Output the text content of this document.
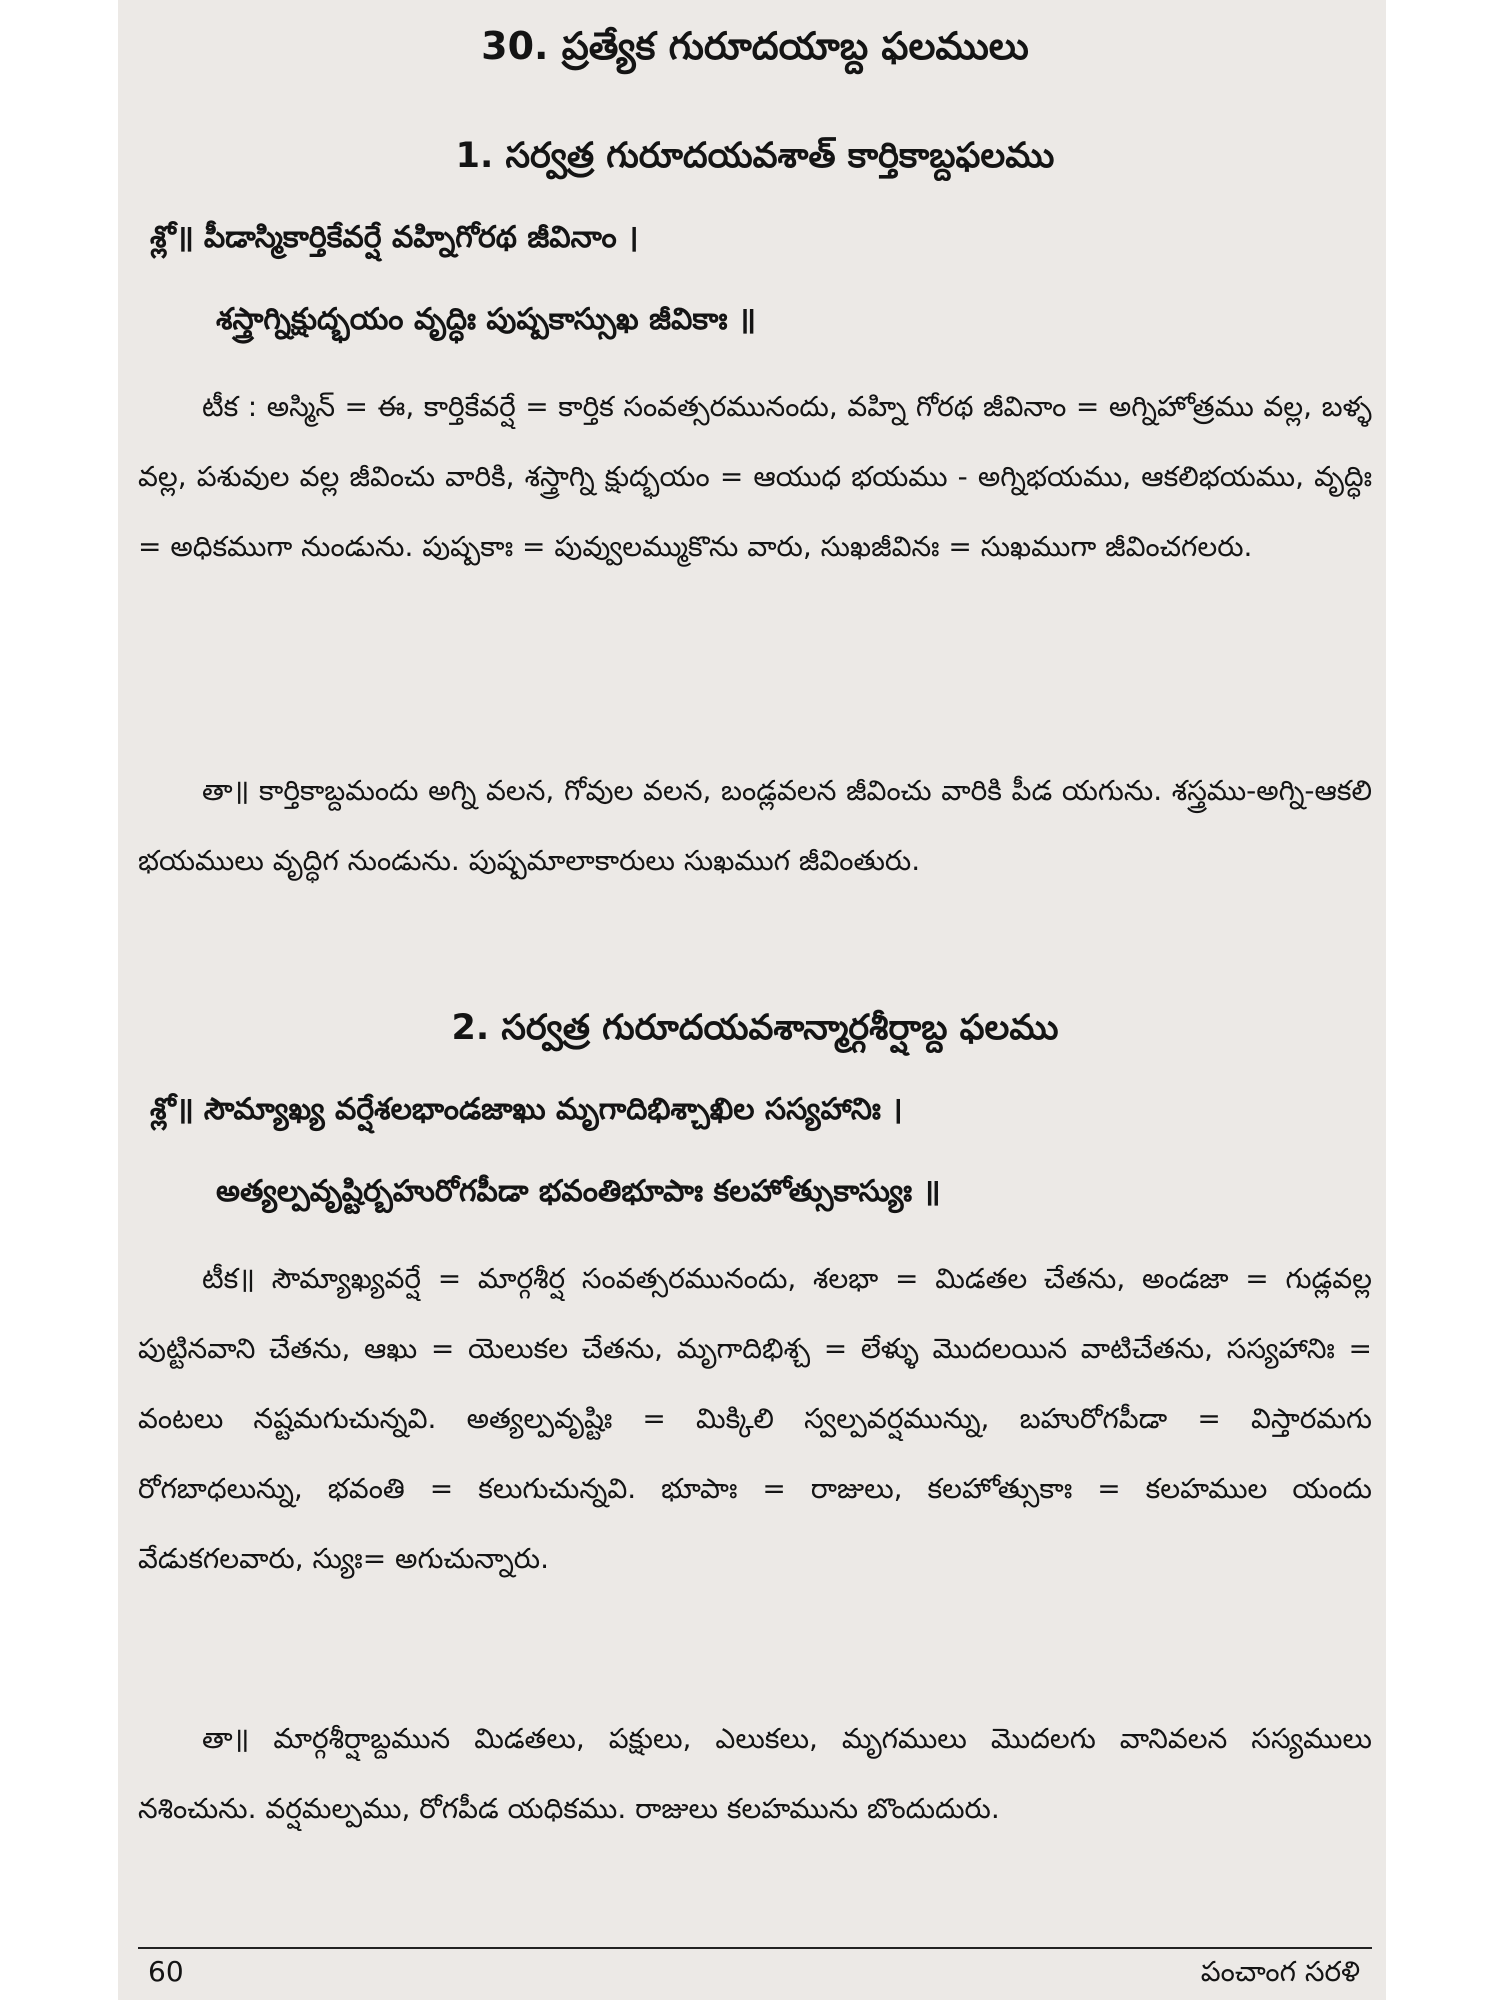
30. ప్రత్యేక గురూదయాబ్ద ఫలములు
1. సర్వత్ర గురూదయవశాత్ కార్తికాబ్దఫలము
శ్లో॥ పీడాస్మికార్తికేవర్షే వహ్నిగోరథ జీవినాం ।
శస్త్రాగ్నిక్షుద్భయం వృద్ధిః పుష్పకాస్సుఖ జీవికాః ॥
టీక : అస్మిన్ = ఈ, కార్తికేవర్షే = కార్తిక సంవత్సరమునందు, వహ్ని గోరథ జీవినాం = అగ్నిహోత్రము వల్ల, బళ్ళ వల్ల, పశువుల వల్ల జీవించు వారికి, శస్త్రాగ్ని క్షుద్భయం = ఆయుధ భయము - అగ్నిభయము, ఆకలిభయము, వృద్ధిః = అధికముగా నుండును. పుష్పకాః = పువ్వులమ్ముకొను వారు, సుఖజీవినః = సుఖముగా జీవించగలరు.
తా॥ కార్తికాబ్దమందు అగ్ని వలన, గోవుల వలన, బండ్లవలన జీవించు వారికి పీడ యగును. శస్త్రము-అగ్ని-ఆకలి భయములు వృద్ధిగ నుండును. పుష్పమాలాకారులు సుఖముగ జీవింతురు.
2. సర్వత్ర గురూదయవశాన్మార్గశీర్షాబ్ద ఫలము
శ్లో॥ సౌమ్యాఖ్య వర్షేశలభాండజాఖు మృగాదిభిశ్చాఖిల సస్యహానిః ।
అత్యల్పవృష్టిర్బహురోగపీడా భవంతిభూపాః కలహోత్సుకాస్యుః ॥
టీక॥ సౌమ్యాఖ్యవర్షే = మార్గశీర్ష సంవత్సరమునందు, శలభా = మిడతల చేతను, అండజా = గుడ్లవల్ల పుట్టినవాని చేతను, ఆఖు = యెలుకల చేతను, మృగాదిభిశ్చ = లేళ్ళు మొదలయిన వాటిచేతను, సస్యహానిః = వంటలు నష్టమగుచున్నవి. అత్యల్పవృష్టిః = మిక్కిలి స్వల్పవర్షమున్ను, బహురోగపీడా = విస్తారమగు రోగబాధలున్ను, భవంతి = కలుగుచున్నవి. భూపాః = రాజులు, కలహోత్సుకాః = కలహముల యందు వేడుకగలవారు, స్యుః= అగుచున్నారు.
తా॥ మార్గశీర్షాబ్దమున మిడతలు, పక్షులు, ఎలుకలు, మృగములు మొదలగు వానివలన సస్యములు నశించును. వర్షమల్పము, రోగపీడ యధికము. రాజులు కలహమును బొందుదురు.
60	పంచాంగ సరళి
